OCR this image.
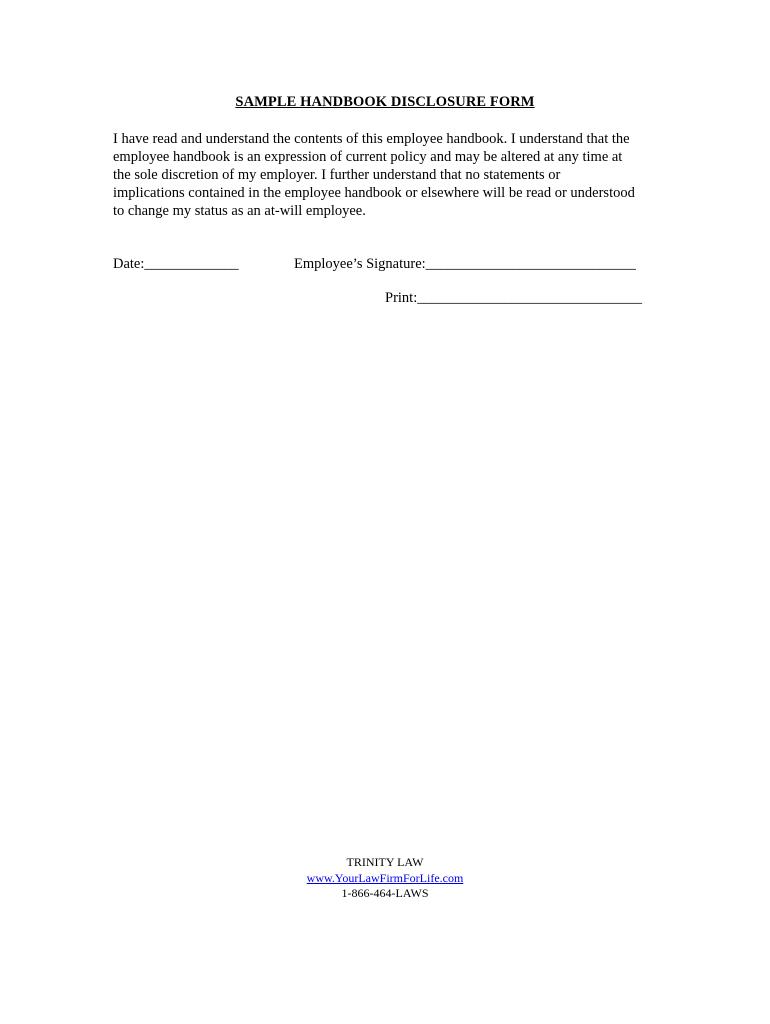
SAMPLE HANDBOOK DISCLOSURE FORM
I have read and understand the contents of this employee handbook. I understand that the
employee handbook is an expression of current policy and may be altered at any time at
the sole discretion of my employer. I further understand that no statements or
implications contained in the employee handbook or elsewhere will be read or understood
to change my status as an at-will employee.
Date:_____________	Employee’s Signature:_____________________________
Print:_______________________________
TRINITY LAW
www.YourLawFirmForLife.com
1-866-464-LAWS
